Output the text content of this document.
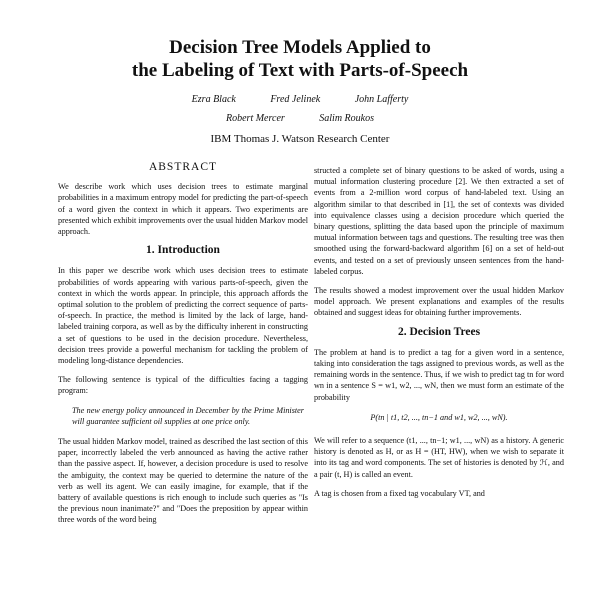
Decision Tree Models Applied to
the Labeling of Text with Parts-of-Speech
Ezra Black	Fred Jelinek	John Lafferty
Robert Mercer	Salim Roukos
IBM Thomas J. Watson Research Center
ABSTRACT

We describe work which uses decision trees to estimate marginal probabilities in a maximum entropy model for predicting the part-of-speech of a word given the context in which it appears. Two experiments are presented which exhibit improvements over the usual hidden Markov model approach.

1. Introduction

In this paper we describe work which uses decision trees to estimate probabilities of words appearing with various parts-of-speech, given the context in which the words appear. In principle, this approach affords the optimal solution to the problem of predicting the correct sequence of parts-of-speech. In practice, the method is limited by the lack of large, hand-labeled training corpora, as well as by the difficulty inherent in constructing a set of questions to be used in the decision procedure. Nevertheless, decision trees provide a powerful mechanism for tackling the problem of modeling long-distance dependencies.

The following sentence is typical of the difficulties facing a tagging program:

The new energy policy announced in December by the Prime Minister will guarantee sufficient oil supplies at one price only.

The usual hidden Markov model, trained as described the last section of this paper, incorrectly labeled the verb announced as having the active rather than the passive aspect. If, however, a decision procedure is used to resolve the ambiguity, the context may be queried to determine the nature of the verb as well its agent. We can easily imagine, for example, that if the battery of available questions is rich enough to include such queries as "Is the previous noun inanimate?" and "Does the preposition by appear within three words of the word being

structed a complete set of binary questions to be asked of words, using a mutual information clustering procedure [2]. We then extracted a set of events from a 2-million word corpus of hand-labeled text. Using an algorithm similar to that described in [1], the set of contexts was divided into equivalence classes using a decision procedure which queried the binary questions, splitting the data based upon the principle of maximum mutual information between tags and questions. The resulting tree was then smoothed using the forward-backward algorithm [6] on a set of held-out events, and tested on a set of previously unseen sentences from the hand-labeled corpus.

The results showed a modest improvement over the usual hidden Markov model approach. We present explanations and examples of the results obtained and suggest ideas for obtaining further improvements.

2. Decision Trees

The problem at hand is to predict a tag for a given word in a sentence, taking into consideration the tags assigned to previous words, as well as the remaining words in the sentence. Thus, if we wish to predict tag tn for word wn in a sentence S = w1, w2, ..., wN, then we must form an estimate of the probability

P(tn | t1, t2, ..., tn−1 and w1, w2, ..., wN).

We will refer to a sequence (t1, ..., tn−1; w1, ..., wN) as a history. A generic history is denoted as H, or as H = (HT, HW), when we wish to separate it into its tag and word components. The set of histories is denoted by ℋ, and a pair (t, H) is called an event.

A tag is chosen from a fixed tag vocabulary VT, and
